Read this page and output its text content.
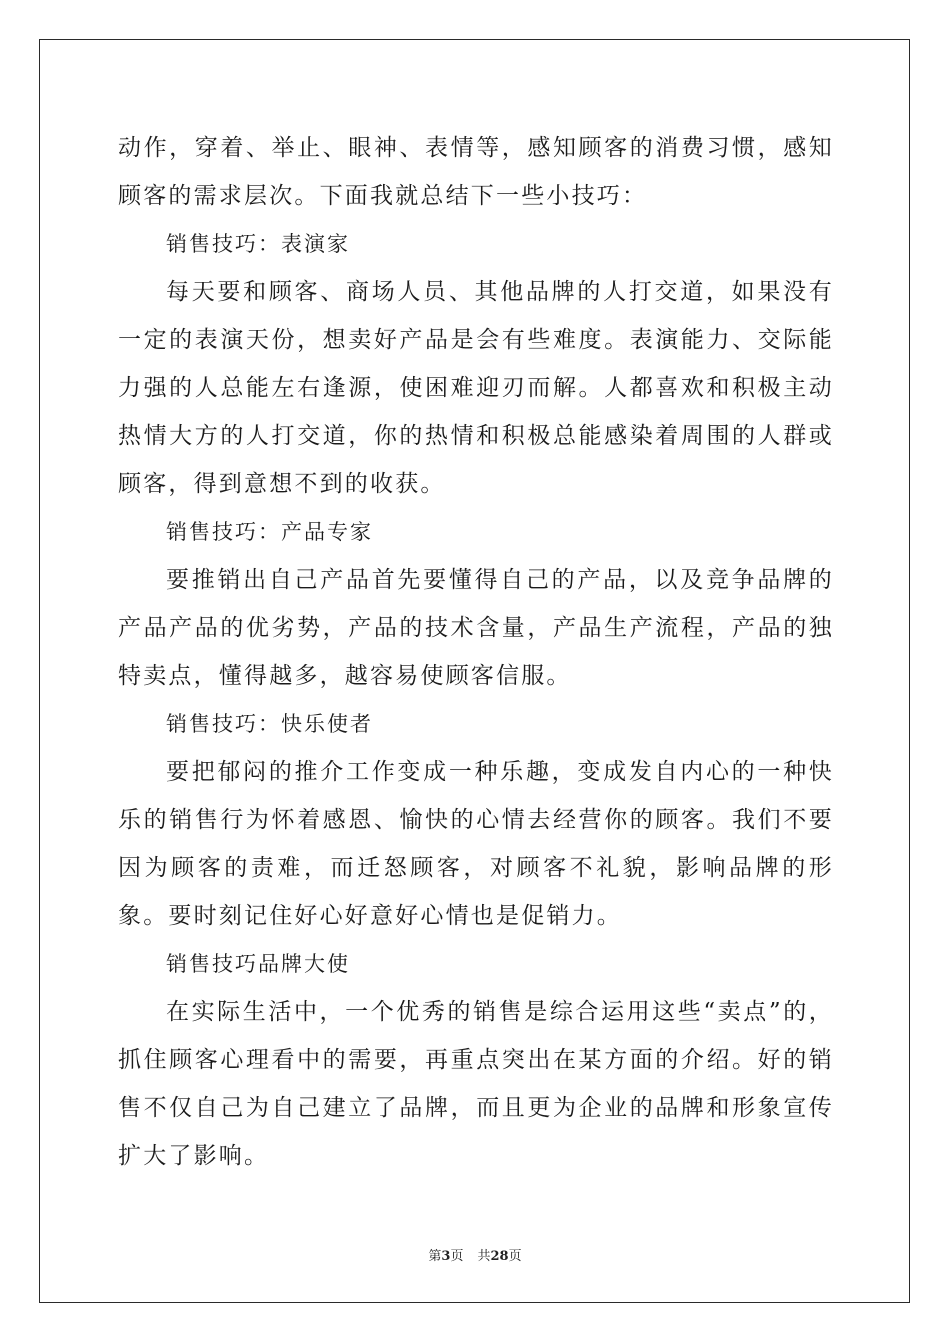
动作，穿着、举止、眼神、表情等，感知顾客的消费习惯，感知顾客的需求层次。下面我就总结下一些小技巧：

销售技巧：表演家

每天要和顾客、商场人员、其他品牌的人打交道，如果没有一定的表演天份，想卖好产品是会有些难度。表演能力、交际能力强的人总能左右逢源，使困难迎刃而解。人都喜欢和积极主动热情大方的人打交道，你的热情和积极总能感染着周围的人群或顾客，得到意想不到的收获。

销售技巧：产品专家

要推销出自己产品首先要懂得自己的产品，以及竞争品牌的产品产品的优劣势，产品的技术含量，产品生产流程，产品的独特卖点，懂得越多，越容易使顾客信服。

销售技巧：快乐使者

要把郁闷的推介工作变成一种乐趣，变成发自内心的一种快乐的销售行为怀着感恩、愉快的心情去经营你的顾客。我们不要因为顾客的责难，而迁怒顾客，对顾客不礼貌，影响品牌的形象。要时刻记住好心好意好心情也是促销力。

销售技巧品牌大使

在实际生活中，一个优秀的销售是综合运用这些“卖点”的，抓住顾客心理看中的需要，再重点突出在某方面的介绍。好的销售不仅自己为自己建立了品牌，而且更为企业的品牌和形象宣传扩大了影响。

第3页 共28页
